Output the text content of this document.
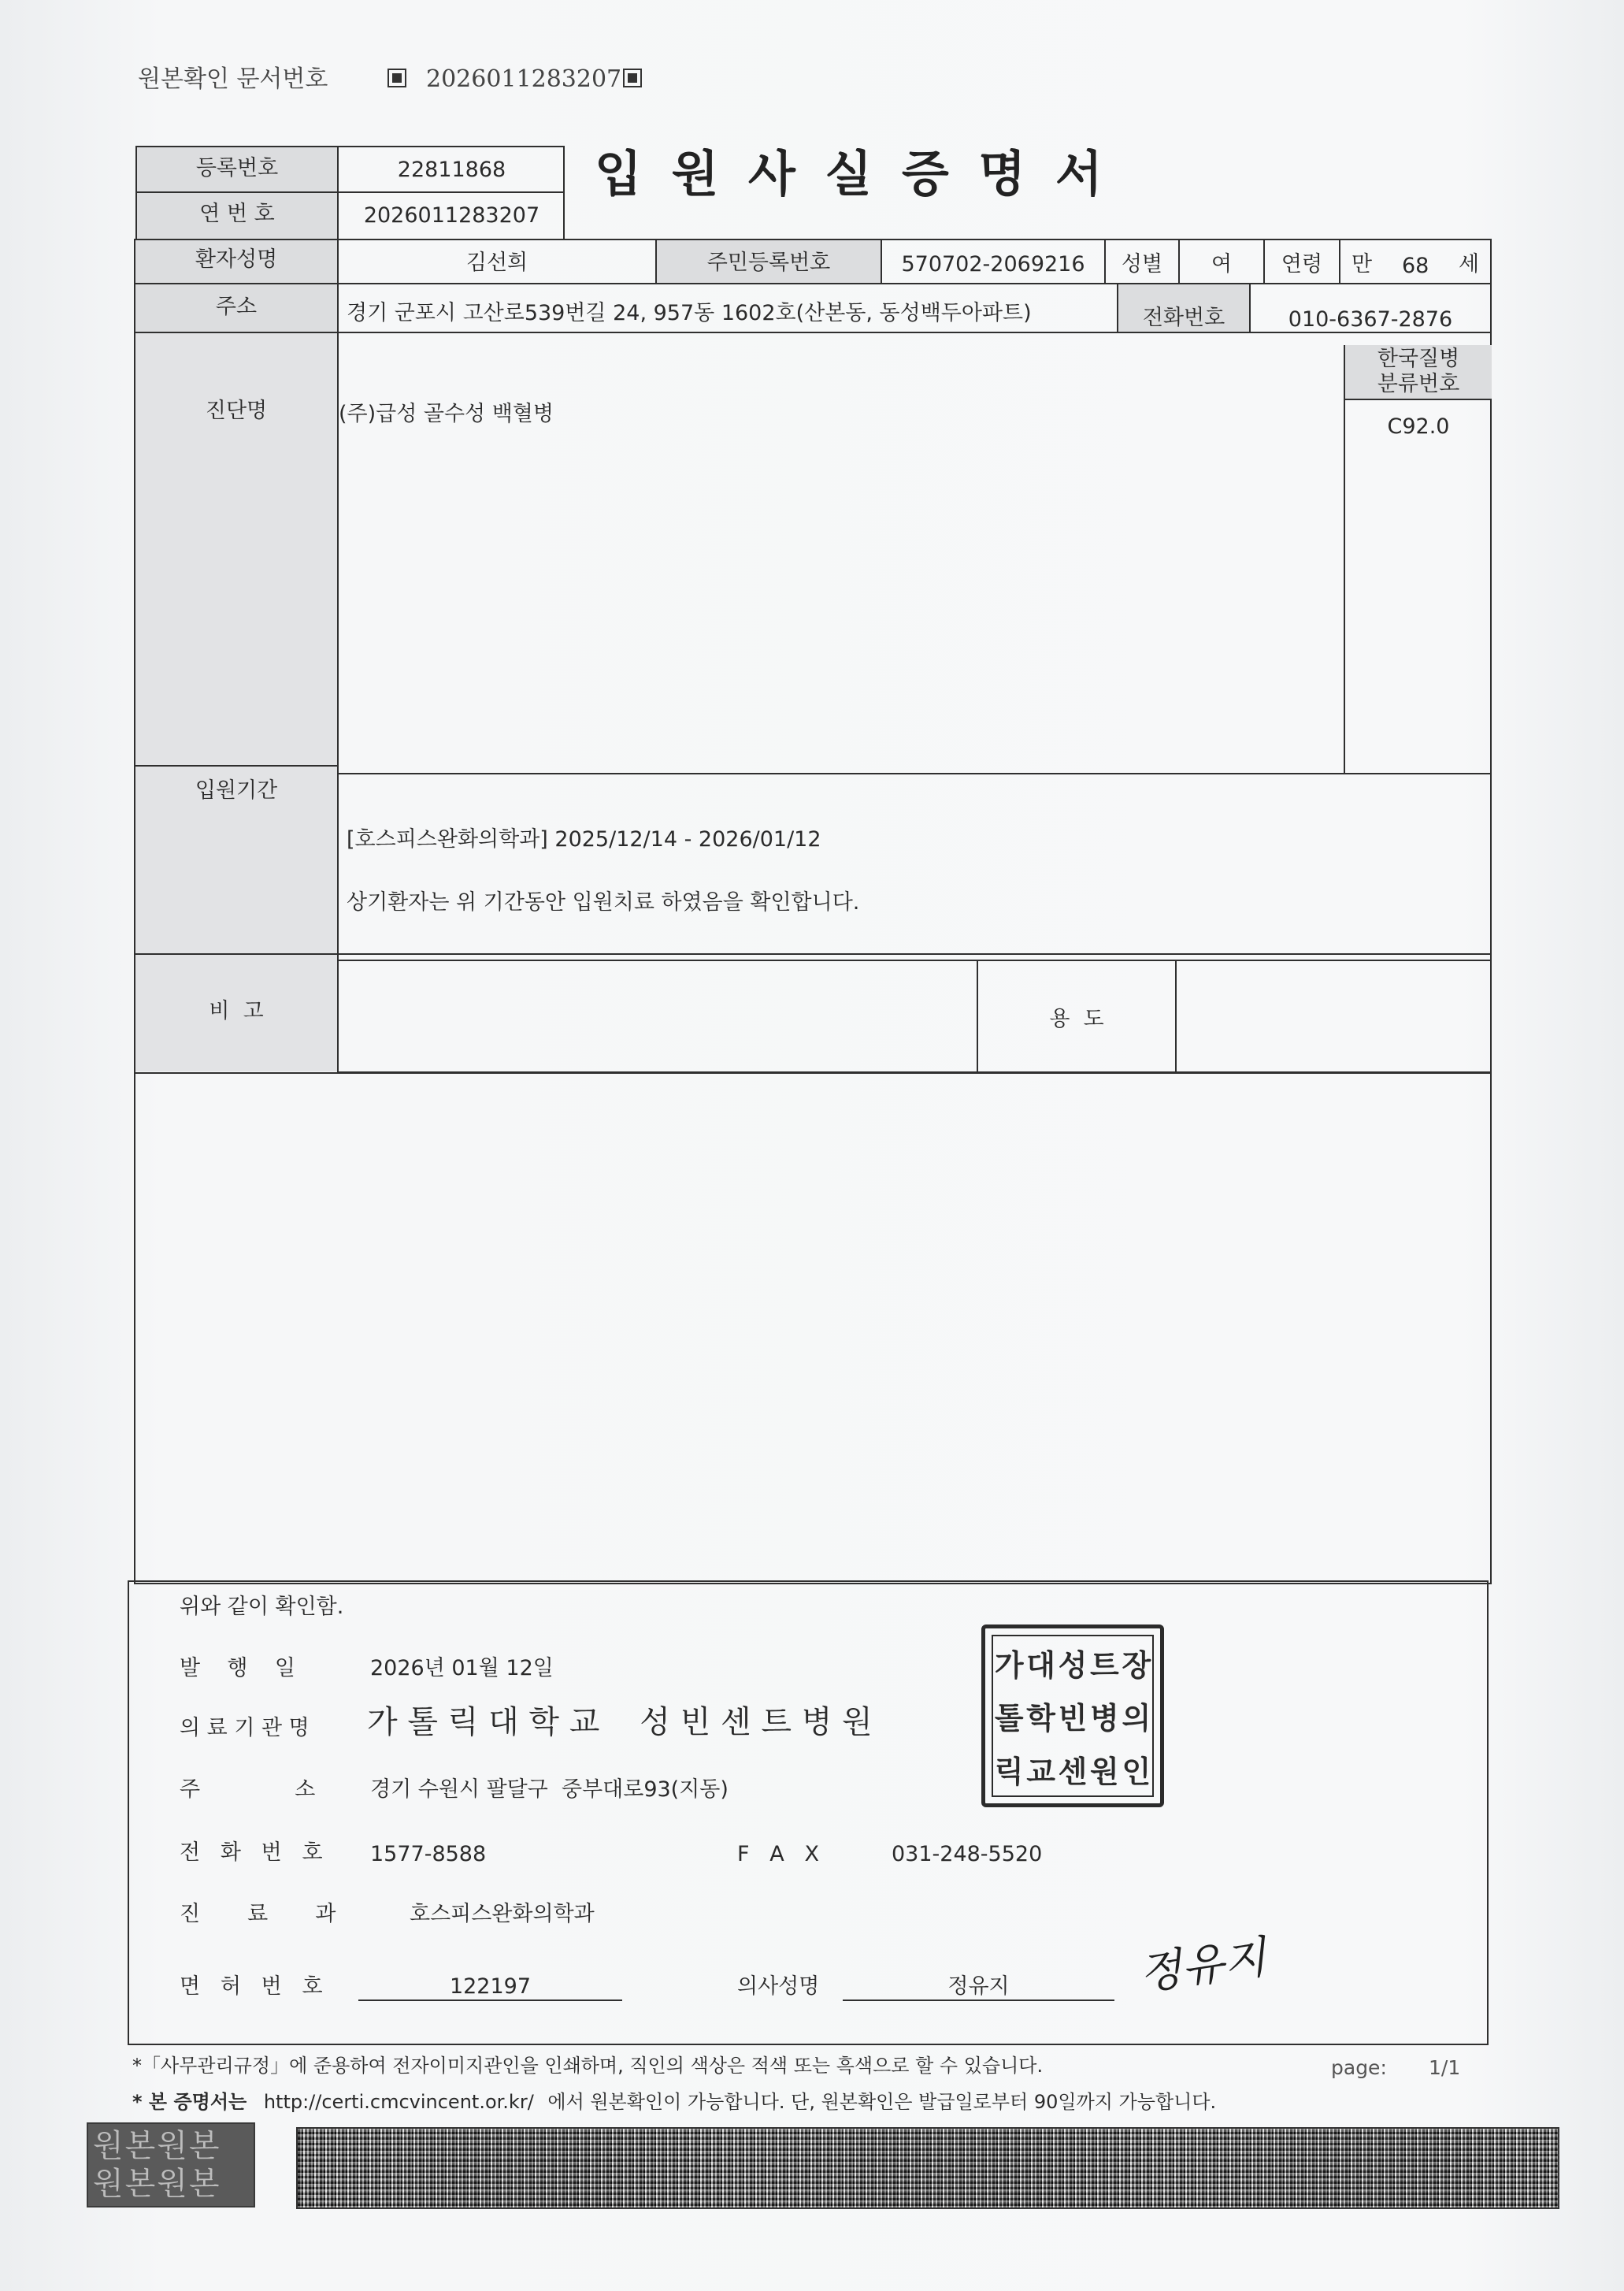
원본확인 문서번호	2026011283207
입 원 사 실 증 명 서
등록번호	22811868
연 번 호	2026011283207
환자성명	김선희	주민등록번호	570702-2069216	성별	여	연령	만 68 세
주소	경기 군포시 고산로539번길 24, 957동 1602호(산본동, 동성백두아파트)	전화번호	010-6367-2876
진단명	(주)급성 골수성 백혈병
한국질병
분류번호
C92.0
입원기간
[호스피스완화의학과] 2025/12/14 - 2026/01/12
상기환자는 위 기간동안 입원치료 하였음을 확인합니다.
비  고	용  도
위와 같이 확인함.
발    행    일	2026년 01월 12일
의 료 기 관 명 가 톨 릭 대 학 교    성 빈 센 트 병 원
주              소	경기 수원시 팔달구  중부대로93(지동)
전   화   번   호 1577-8588	F   A   X	031-248-5520
진       료       과	호스피스완화의학과
면   허   번   호	122197	의사성명	정유지	정유지
가 대 성 트 장
톨 학 빈 병 의
릭 교 센 원 인
*「사무관리규정」에 준용하여 전자이미지관인을 인쇄하며, 직인의 색상은 적색 또는 흑색으로 할 수 있습니다.	page: 1/1
* 본 증명서는 http://certi.cmcvincent.or.kr/ 에서 원본확인이 가능합니다. 단, 원본확인은 발급일로부터 90일까지 가능합니다.
원본원본
원본원본
